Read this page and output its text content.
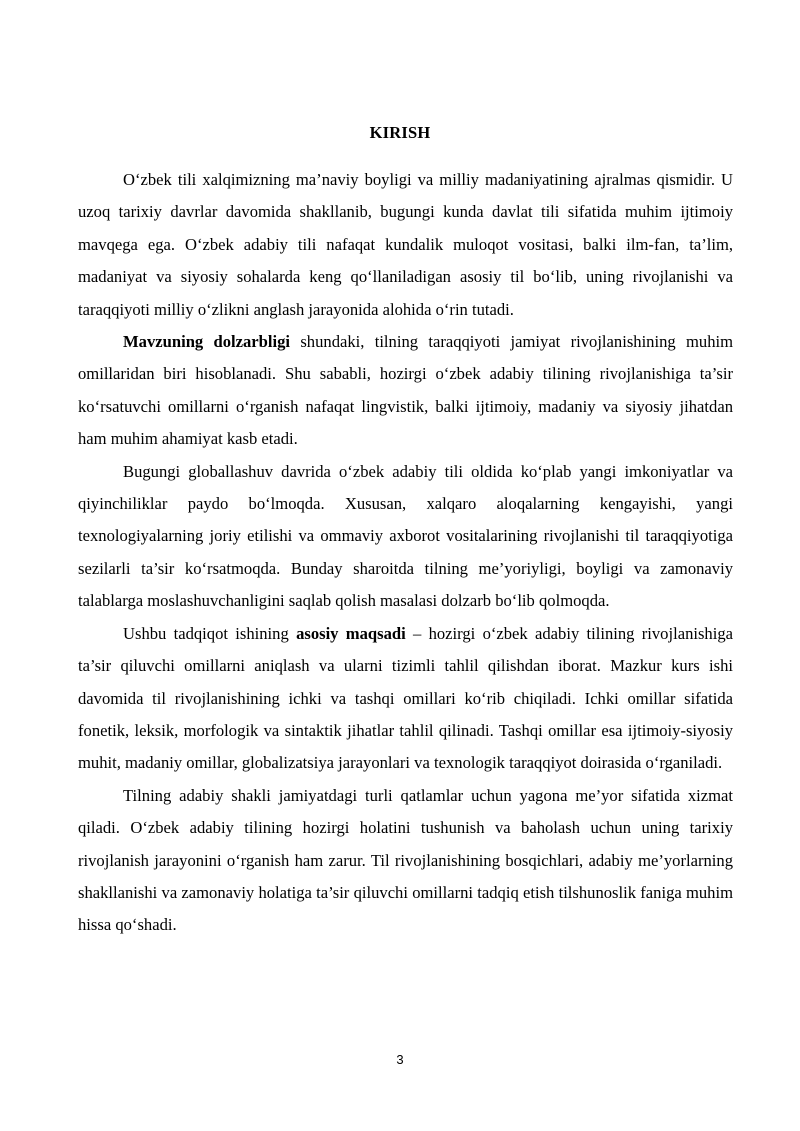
KIRISH

O‘zbek tili xalqimizning ma’naviy boyligi va milliy madaniyatining ajralmas qismidir. U uzoq tarixiy davrlar davomida shakllanib, bugungi kunda davlat tili sifatida muhim ijtimoiy mavqega ega. O‘zbek adabiy tili nafaqat kundalik muloqot vositasi, balki ilm-fan, ta’lim, madaniyat va siyosiy sohalarda keng qo‘llaniladigan asosiy til bo‘lib, uning rivojlanishi va taraqqiyoti milliy o‘zlikni anglash jarayonida alohida o‘rin tutadi.

Mavzuning dolzarbligi shundaki, tilning taraqqiyoti jamiyat rivojlanishining muhim omillaridan biri hisoblanadi. Shu sababli, hozirgi o‘zbek adabiy tilining rivojlanishiga ta’sir ko‘rsatuvchi omillarni o‘rganish nafaqat lingvistik, balki ijtimoiy, madaniy va siyosiy jihatdan ham muhim ahamiyat kasb etadi.

Bugungi globallashuv davrida o‘zbek adabiy tili oldida ko‘plab yangi imkoniyatlar va qiyinchiliklar paydo bo‘lmoqda. Xususan, xalqaro aloqalarning kengayishi, yangi texnologiyalarning joriy etilishi va ommaviy axborot vositalarining rivojlanishi til taraqqiyotiga sezilarli ta’sir ko‘rsatmoqda. Bunday sharoitda tilning me’yoriyligi, boyligi va zamonaviy talablarga moslashuvchanligini saqlab qolish masalasi dolzarb bo‘lib qolmoqda.

Ushbu tadqiqot ishining asosiy maqsadi – hozirgi o‘zbek adabiy tilining rivojlanishiga ta’sir qiluvchi omillarni aniqlash va ularni tizimli tahlil qilishdan iborat. Mazkur kurs ishi davomida til rivojlanishining ichki va tashqi omillari ko‘rib chiqiladi. Ichki omillar sifatida fonetik, leksik, morfologik va sintaktik jihatlar tahlil qilinadi. Tashqi omillar esa ijtimoiy-siyosiy muhit, madaniy omillar, globalizatsiya jarayonlari va texnologik taraqqiyot doirasida o‘rganiladi.

Tilning adabiy shakli jamiyatdagi turli qatlamlar uchun yagona me’yor sifatida xizmat qiladi. O‘zbek adabiy tilining hozirgi holatini tushunish va baholash uchun uning tarixiy rivojlanish jarayonini o‘rganish ham zarur. Til rivojlanishining bosqichlari, adabiy me’yorlarning shakllanishi va zamonaviy holatiga ta’sir qiluvchi omillarni tadqiq etish tilshunoslik faniga muhim hissa qo‘shadi.

3
